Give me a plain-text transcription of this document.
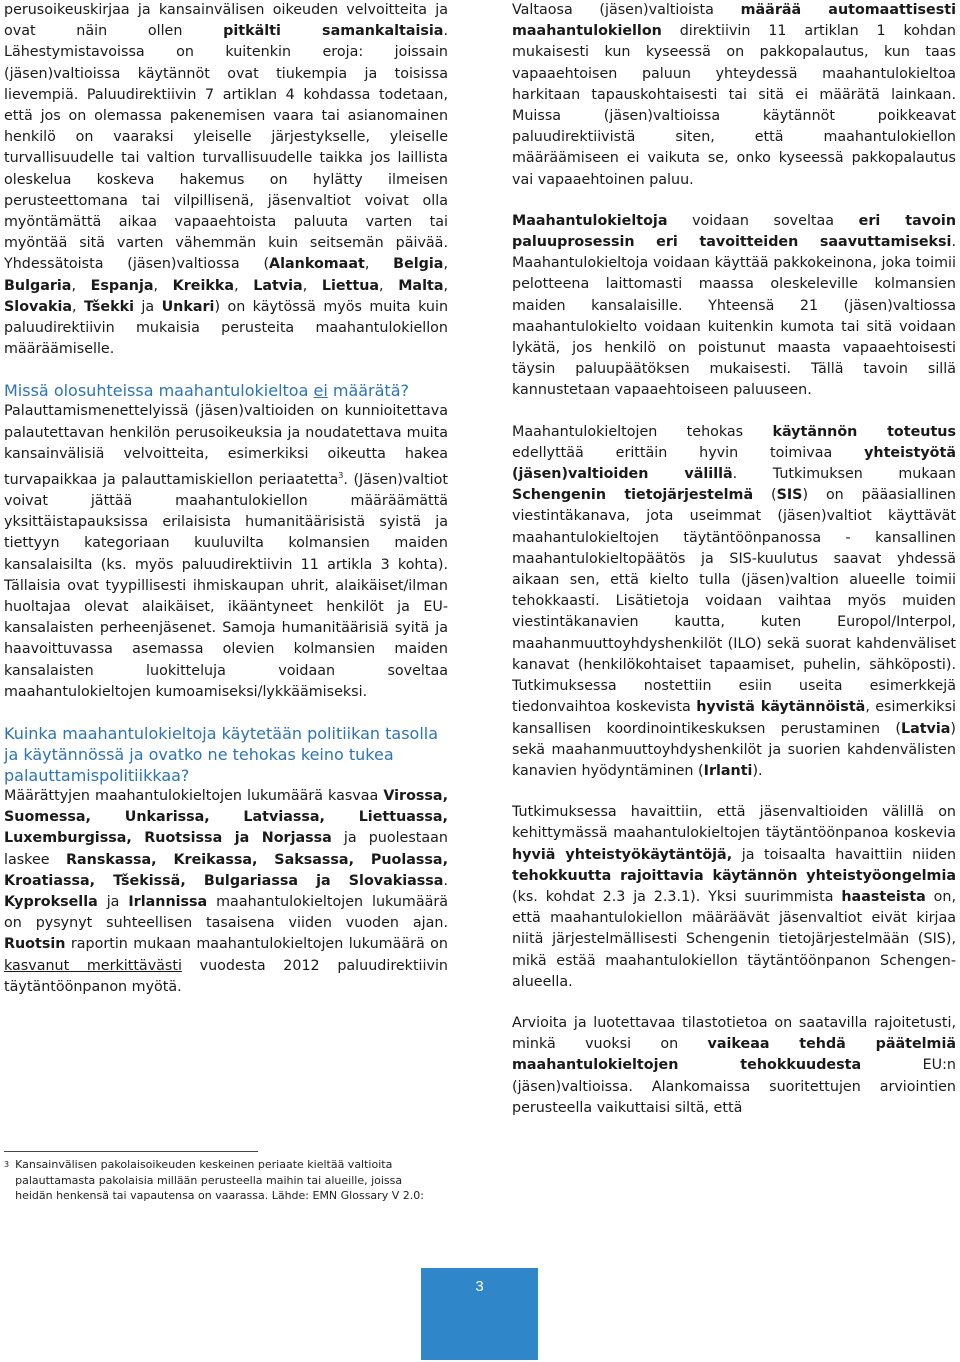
perusoikeuskirjaa ja kansainvälisen oikeuden velvoitteita ja ovat näin ollen pitkälti samankaltaisia. Lähestymistavoissa on kuitenkin eroja: joissain (jäsen)valtioissa käytännöt ovat tiukempia ja toisissa lievempiä. Paluudirektiivin 7 artiklan 4 kohdassa todetaan, että jos on olemassa pakenemisen vaara tai asianomainen henkilö on vaaraksi yleiselle järjestykselle, yleiselle turvallisuudelle tai valtion turvallisuudelle taikka jos laillista oleskelua koskeva hakemus on hylätty ilmeisen perusteettomana tai vilpillisenä, jäsenvaltiot voivat olla myöntämättä aikaa vapaaehtoista paluuta varten tai myöntää sitä varten vähemmän kuin seitsemän päivää. Yhdessätoista (jäsen)valtiossa (Alankomaat, Belgia, Bulgaria, Espanja, Kreikka, Latvia, Liettua, Malta, Slovakia, Tšekki ja Unkari) on käytössä myös muita kuin paluudirektiivin mukaisia perusteita maahantulokiellon määräämiselle.

Missä olosuhteissa maahantulokieltoa ei määrätä?

Palauttamismenettelyissä (jäsen)valtioiden on kunnioitettava palautettavan henkilön perusoikeuksia ja noudatettava muita kansainvälisiä velvoitteita, esimerkiksi oikeutta hakea turvapaikkaa ja palauttamiskiellon periaatetta$^3$. (Jäsen)valtiot voivat jättää maahantulokiellon määräämättä yksittäistapauksissa erilaisista humanitäärisistä syistä ja tiettyyn kategoriaan kuuluvilta kolmansien maiden kansalaisilta (ks. myös paluudirektiivin 11 artikla 3 kohta). Tällaisia ovat tyypillisesti ihmiskaupan uhrit, alaikäiset/ilman huoltajaa olevat alaikäiset, ikääntyneet henkilöt ja EU-kansalaisten perheenjäsenet. Samoja humanitäärisiä syitä ja haavoittuvassa asemassa olevien kolmansien maiden kansalaisten luokitteluja voidaan soveltaa maahantulokieltojen kumoamiseksi/lykkäämiseksi.

Kuinka maahantulokieltoja käytetään politiikan tasolla ja käytännössä ja ovatko ne tehokas keino tukea palauttamispolitiikkaa?

Määrättyjen maahantulokieltojen lukumäärä kasvaa Virossa, Suomessa, Unkarissa, Latviassa, Liettuassa, Luxemburgissa, Ruotsissa ja Norjassa ja puolestaan laskee Ranskassa, Kreikassa, Saksassa, Puolassa, Kroatiassa, Tšekissä, Bulgariassa ja Slovakiassa. Kyproksella ja Irlannissa maahantulokieltojen lukumäärä on pysynyt suhteellisen tasaisena viiden vuoden ajan. Ruotsin raportin mukaan maahantulokieltojen lukumäärä on kasvanut merkittävästi vuodesta 2012 paluudirektiivin täytäntöönpanon myötä.

$^3$ Kansainvälisen pakolaisoikeuden keskeinen periaate kieltää valtioita palauttamasta pakolaisia millään perusteella maihin tai alueille, joissa heidän henkensä tai vapautensa on vaarassa. Lähde: EMN Glossary V 2.0:

Valtaosa (jäsen)valtioista määrää automaattisesti maahantulokiellon direktiivin 11 artiklan 1 kohdan mukaisesti kun kyseessä on pakkopalautus, kun taas vapaaehtoisen paluun yhteydessä maahantulokieltoa harkitaan tapauskohtaisesti tai sitä ei määrätä lainkaan. Muissa (jäsen)valtioissa käytännöt poikkeavat paluudirektiivistä siten, että maahantulokiellon määräämiseen ei vaikuta se, onko kyseessä pakkopalautus vai vapaaehtoinen paluu.

Maahantulokieltoja voidaan soveltaa eri tavoin paluuprosessin eri tavoitteiden saavuttamiseksi. Maahantulokieltoja voidaan käyttää pakkokeinona, joka toimii pelotteena laittomasti maassa oleskeleville kolmansien maiden kansalaisille. Yhteensä 21 (jäsen)valtiossa maahantulokielto voidaan kuitenkin kumota tai sitä voidaan lykätä, jos henkilö on poistunut maasta vapaaehtoisesti täysin paluupäätöksen mukaisesti. Tällä tavoin sillä kannustetaan vapaaehtoiseen paluuseen.

Maahantulokieltojen tehokas käytännön toteutus edellyttää erittäin hyvin toimivaa yhteistyötä (jäsen)valtioiden välillä. Tutkimuksen mukaan Schengenin tietojärjestelmä (SIS) on pääasiallinen viestintäkanava, jota useimmat (jäsen)valtiot käyttävät maahantulokieltojen täytäntöönpanossa - kansallinen maahantulokieltopäätös ja SIS-kuulutus saavat yhdessä aikaan sen, että kielto tulla (jäsen)valtion alueelle toimii tehokkaasti. Lisätietoja voidaan vaihtaa myös muiden viestintäkanavien kautta, kuten Europol/Interpol, maahanmuuttoyhdyshenkilöt (ILO) sekä suorat kahdenväliset kanavat (henkilökohtaiset tapaamiset, puhelin, sähköposti). Tutkimuksessa nostettiin esiin useita esimerkkejä tiedonvaihtoa koskevista hyvistä käytännöistä, esimerkiksi kansallisen koordinointikeskuksen perustaminen (Latvia) sekä maahanmuuttoyhdyshenkilöt ja suorien kahdenvälisten kanavien hyödyntäminen (Irlanti).

Tutkimuksessa havaittiin, että jäsenvaltioiden välillä on kehittymässä maahantulokieltojen täytäntöönpanoa koskevia hyviä yhteistyökäytäntöjä, ja toisaalta havaittiin niiden tehokkuutta rajoittavia käytännön yhteistyöongelmia (ks. kohdat 2.3 ja 2.3.1). Yksi suurimmista haasteista on, että maahantulokiellon määräävät jäsenvaltiot eivät kirjaa niitä järjestelmällisesti Schengenin tietojärjestelmään (SIS), mikä estää maahantulokiellon täytäntöönpanon Schengen-alueella.

Arvioita ja luotettavaa tilastotietoa on saatavilla rajoitetusti, minkä vuoksi on vaikeaa tehdä päätelmiä maahantulokieltojen tehokkuudesta EU:n (jäsen)valtioissa. Alankomaissa suoritettujen arviointien perusteella vaikuttaisi siltä, että

3
